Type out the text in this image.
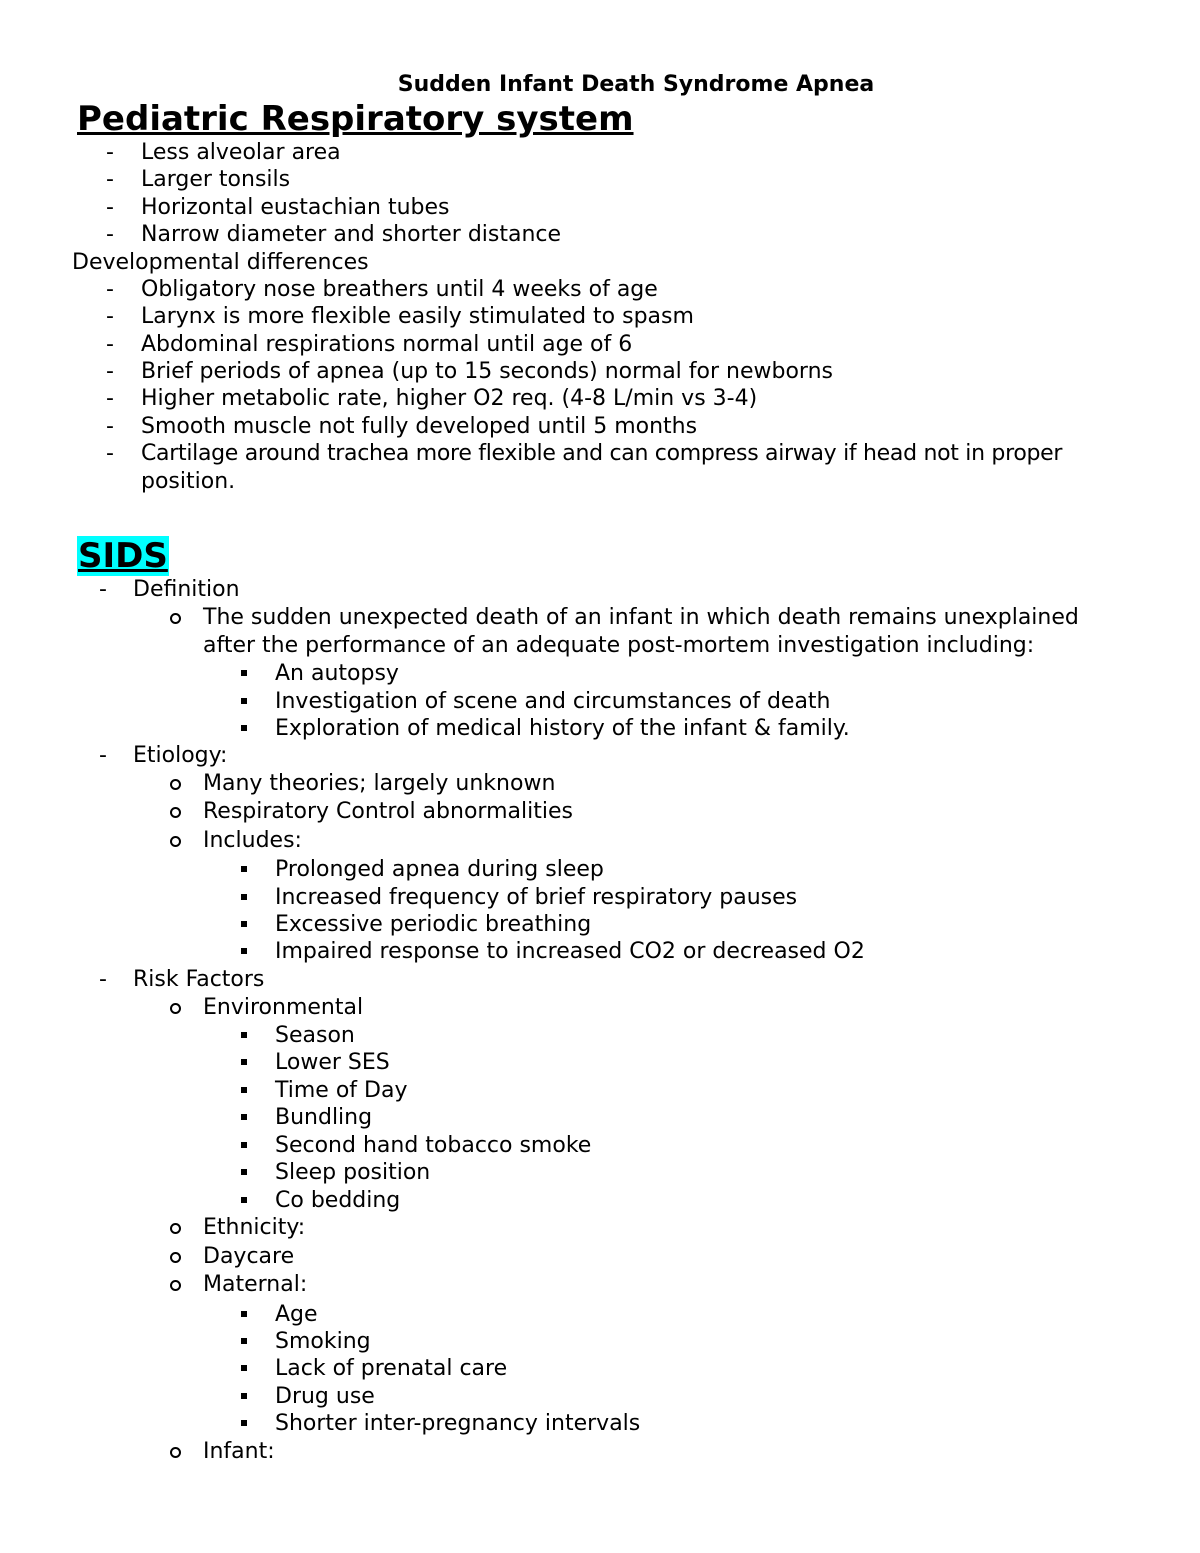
Sudden Infant Death Syndrome Apnea
Pediatric Respiratory system
- Less alveolar area
- Larger tonsils
- Horizontal eustachian tubes
- Narrow diameter and shorter distance
Developmental differences
- Obligatory nose breathers until 4 weeks of age
- Larynx is more flexible easily stimulated to spasm
- Abdominal respirations normal until age of 6
- Brief periods of apnea (up to 15 seconds) normal for newborns
- Higher metabolic rate, higher O2 req. (4-8 L/min vs 3-4)
- Smooth muscle not fully developed until 5 months
- Cartilage around trachea more flexible and can compress airway if head not in proper
position.
SIDS
- Definition
The sudden unexpected death of an infant in which death remains unexplained
after the performance of an adequate post-mortem investigation including:
An autopsy
Investigation of scene and circumstances of death
Exploration of medical history of the infant & family.
- Etiology:
Many theories; largely unknown
Respiratory Control abnormalities
Includes:
Prolonged apnea during sleep
Increased frequency of brief respiratory pauses
Excessive periodic breathing
Impaired response to increased CO2 or decreased O2
- Risk Factors
Environmental
Season
Lower SES
Time of Day
Bundling
Second hand tobacco smoke
Sleep position
Co bedding
Ethnicity:
Daycare
Maternal:
Age
Smoking
Lack of prenatal care
Drug use
Shorter inter-pregnancy intervals
Infant:
